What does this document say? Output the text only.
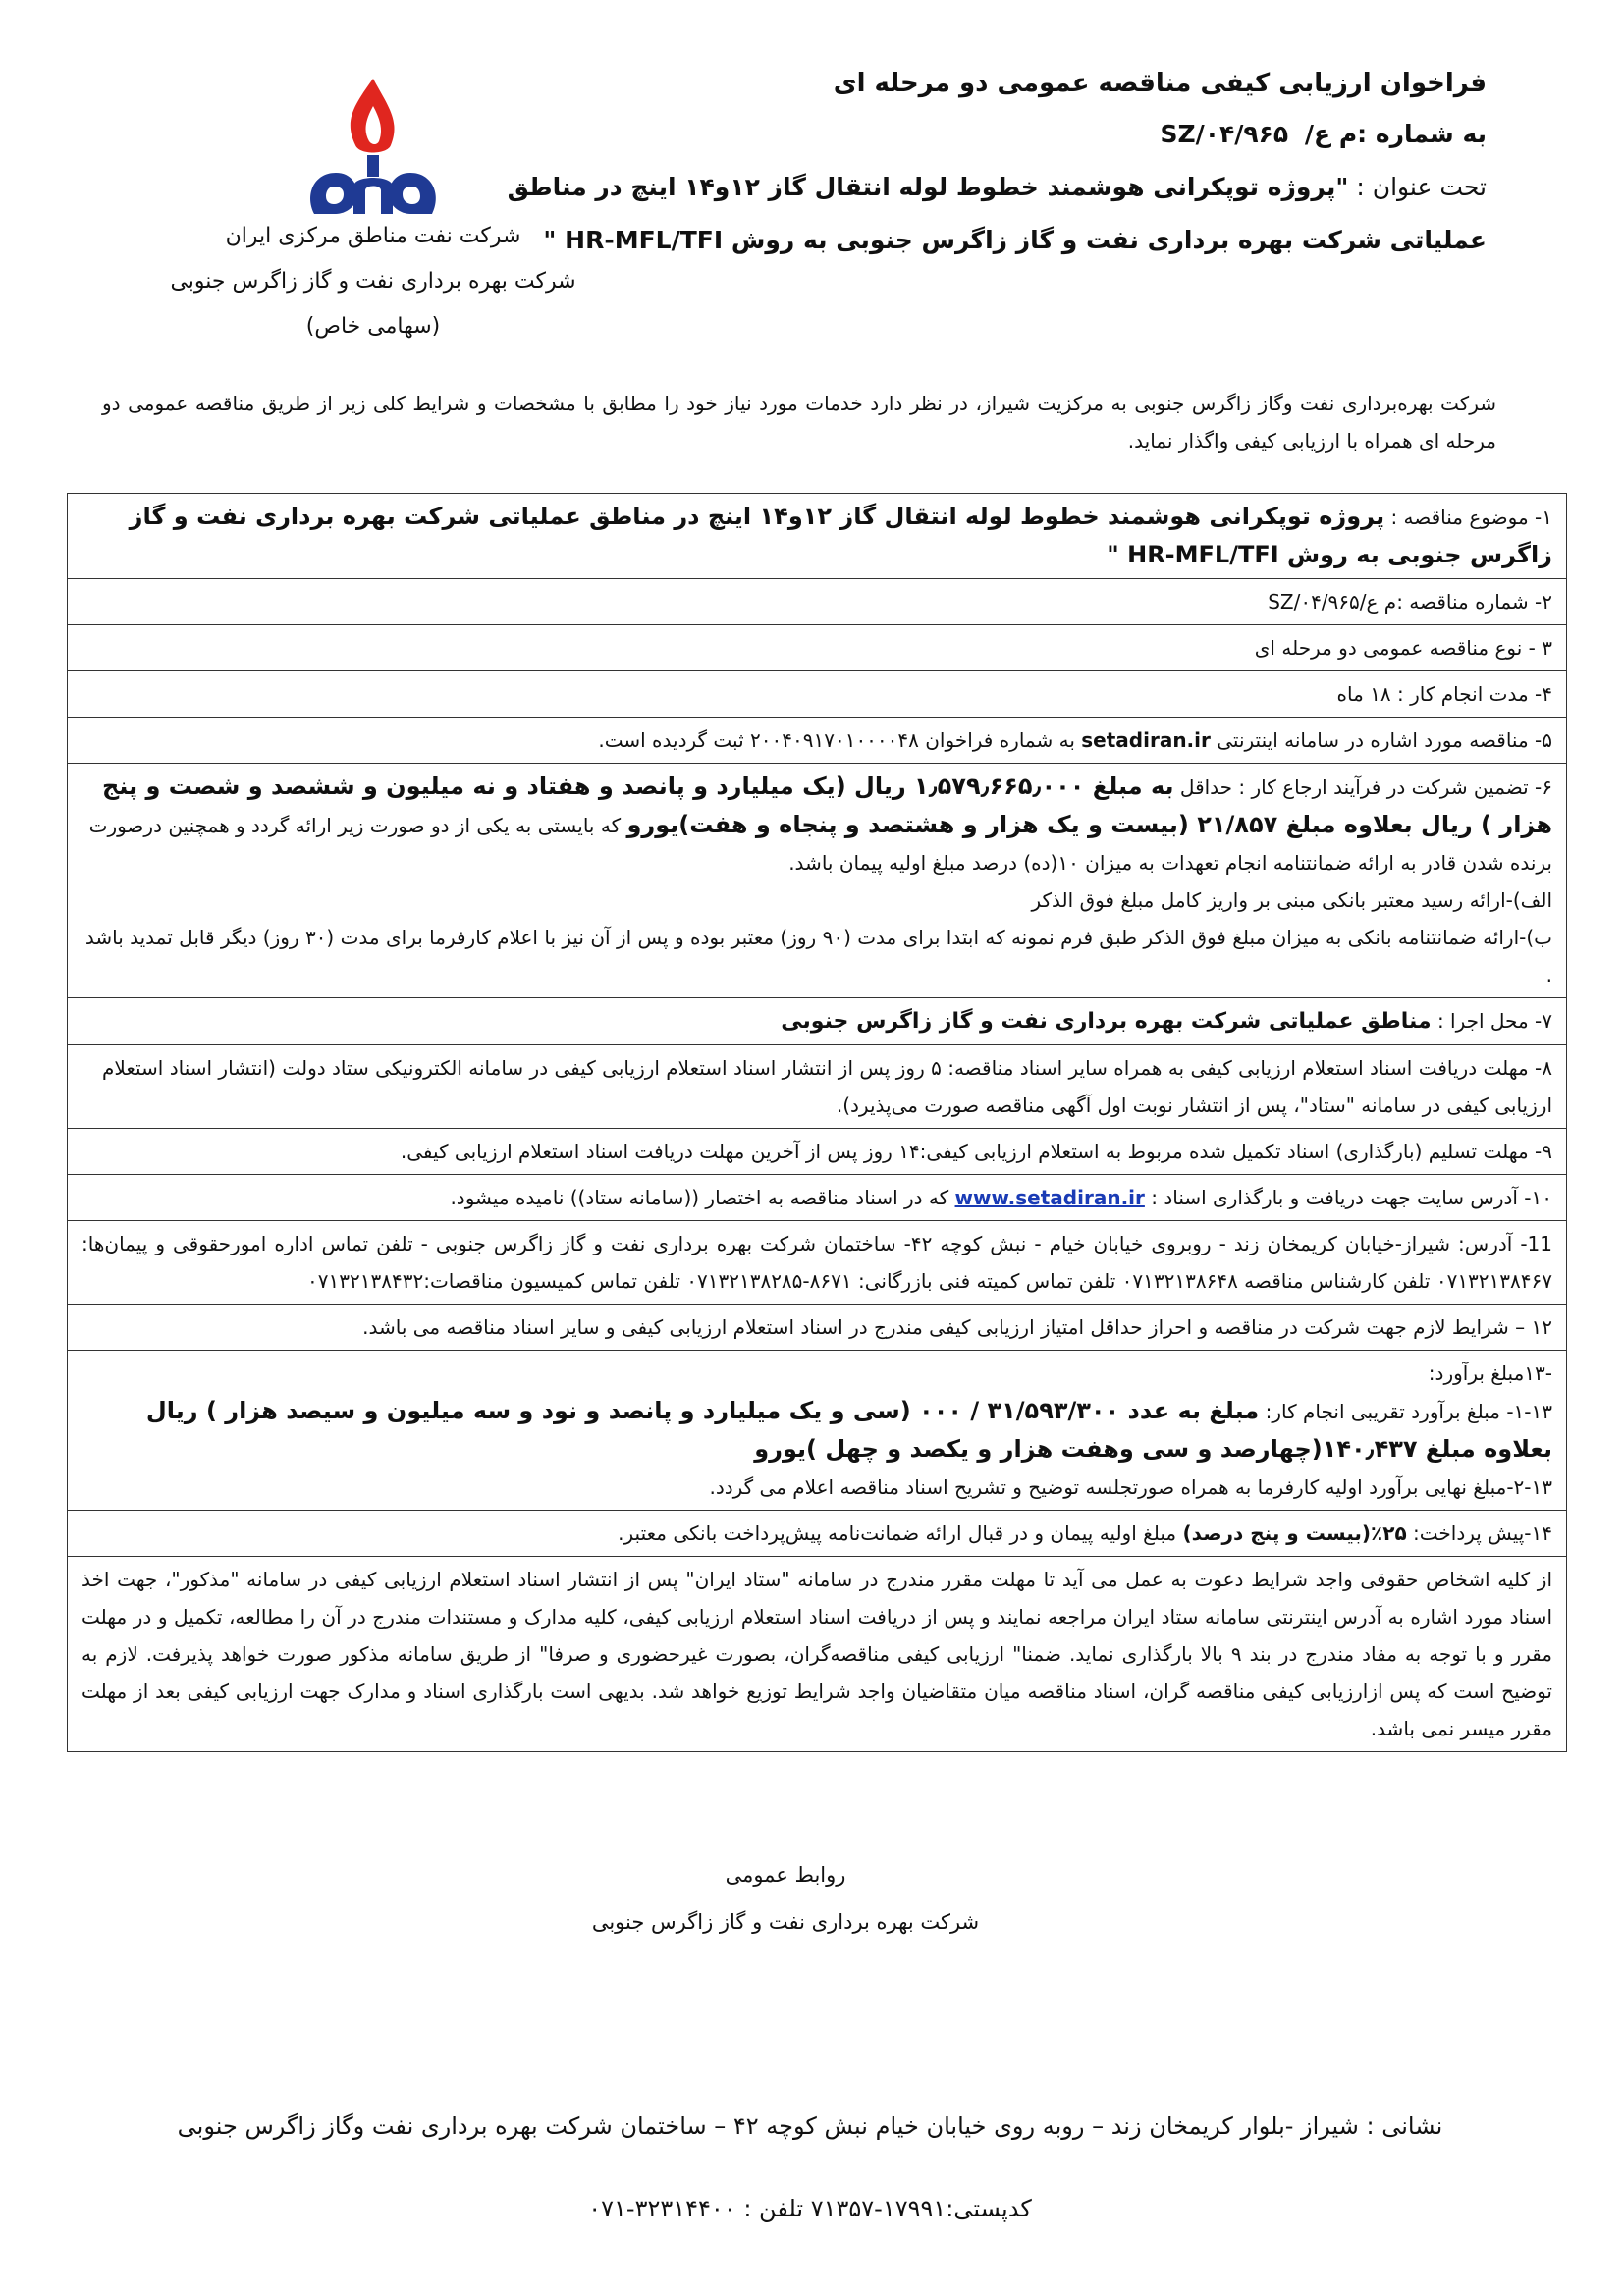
شرکت نفت مناطق مرکزی ایران
شرکت بهره برداری نفت و گاز زاگرس جنوبی
(سهامی خاص)
فراخوان ارزیابی کیفی مناقصه عمومی دو مرحله ای
به شماره :م ع/ SZ/۰۴/۹۶۵
تحت عنوان : "پروژه توپکرانی هوشمند خطوط لوله انتقال گاز ۱۲و۱۴ اینچ در مناطق
عملیاتی شرکت بهره برداری نفت و گاز زاگرس جنوبی به روش HR-MFL/TFI "
شرکت بهره‌برداری نفت وگاز زاگرس جنوبی به مرکزیت شیراز، در نظر دارد خدمات مورد نیاز خود را مطابق با مشخصات و شرایط کلی زیر از طریق مناقصه عمومی دو مرحله ای همراه با ارزیابی کیفی واگذار نماید.
۱- موضوع مناقصه : پروژه توپکرانی هوشمند خطوط لوله انتقال گاز ۱۲و۱۴ اینچ در مناطق عملیاتی شرکت بهره برداری نفت و گاز زاگرس جنوبی به روش HR-MFL/TFI "
۲- شماره مناقصه :م ع/SZ/۰۴/۹۶۵
۳ - نوع مناقصه عمومی دو مرحله ای
۴- مدت انجام کار : ۱۸ ماه
۵- مناقصه مورد اشاره در سامانه اینترنتی setadiran.ir به شماره فراخوان ۲۰۰۴۰۹۱۷۰۱۰۰۰۰۴۸ ثبت گردیده است.
۶- تضمین شرکت در فرآیند ارجاع کار : حداقل به مبلغ ۱٫۵۷۹٫۶۶۵٫۰۰۰ ریال (یک میلیارد و پانصد و هفتاد و نه میلیون و ششصد و شصت و پنج هزار ) ریال بعلاوه مبلغ ۲۱/۸۵۷ (بیست و یک هزار و هشتصد و پنجاه و هفت)یورو که بایستی به یکی از دو صورت زیر ارائه گردد و همچنین درصورت برنده شدن قادر به ارائه ضمانتنامه انجام تعهدات به میزان ۱۰(ده) درصد مبلغ اولیه پیمان باشد.
الف)-ارائه رسید معتبر بانکی مبنی بر واریز کامل مبلغ فوق الذکر
ب)-ارائه ضمانتنامه بانکی به میزان مبلغ فوق الذکر طبق فرم نمونه که ابتدا برای مدت (۹۰ روز) معتبر بوده و پس از آن نیز با اعلام کارفرما برای مدت (۳۰ روز) دیگر قابل تمدید باشد .

۷- محل اجرا : مناطق عملیاتی شرکت بهره برداری نفت و گاز زاگرس جنوبی
۸- مهلت دریافت اسناد استعلام ارزیابی کیفی به همراه سایر اسناد مناقصه: ۵ روز پس از انتشار اسناد استعلام ارزیابی کیفی در سامانه الکترونیکی ستاد دولت (انتشار اسناد استعلام ارزیابی کیفی در سامانه "ستاد"، پس از انتشار نوبت اول آگهی مناقصه صورت می‌پذیرد).
۹- مهلت تسلیم (بارگذاری) اسناد تکمیل شده مربوط به استعلام ارزیابی کیفی:۱۴ روز پس از آخرین مهلت دریافت اسناد استعلام ارزیابی کیفی.
۱۰- آدرس سایت جهت دریافت و بارگذاری اسناد : www.setadiran.ir که در اسناد مناقصه به اختصار ((سامانه ستاد)) نامیده میشود.
11- آدرس: شیراز-خیابان کریمخان زند - روبروی خیابان خیام - نبش کوچه ۴۲- ساختمان شرکت بهره برداری نفت و گاز زاگرس جنوبی - تلفن تماس اداره امورحقوقی و پیمان‌ها: ۰۷۱۳۲۱۳۸۴۶۷ تلفن کارشناس مناقصه ۰۷۱۳۲۱۳۸۶۴۸ تلفن تماس کمیته فنی بازرگانی: ۸۶۷۱-۰۷۱۳۲۱۳۸۲۸۵ تلفن تماس کمیسیون مناقصات:۰۷۱۳۲۱۳۸۴۳۲
۱۲ – شرایط لازم جهت شرکت در مناقصه و احراز حداقل امتیاز ارزیابی کیفی مندرج در اسناد استعلام ارزیابی کیفی و سایر اسناد مناقصه می باشد.

-۱۳مبلغ برآورد:
۱-۱۳- مبلغ برآورد تقریبی انجام کار: مبلغ به عدد ۳۱/۵۹۳/۳۰۰ / ۰۰۰ (سی و یک میلیارد و پانصد و نود و سه میلیون و سیصد هزار ) ریال بعلاوه مبلغ ۱۴۰٫۴۳۷(چهارصد و سی وهفت هزار و یکصد و چهل )یورو
۲-۱۳-مبلغ نهایی برآورد اولیه کارفرما به همراه صورتجلسه توضیح و تشریح اسناد مناقصه اعلام می گردد.

۱۴-پیش پرداخت: ۲۵٪(بیست و پنج درصد) مبلغ اولیه پیمان و در قبال ارائه ضمانت‌نامه پیش‌پرداخت بانکی معتبر.
از کلیه اشخاص حقوقی واجد شرایط دعوت به عمل می آید تا مهلت مقرر مندرج در سامانه "ستاد ایران" پس از انتشار اسناد استعلام ارزیابی کیفی در سامانه "مذکور"، جهت اخذ اسناد مورد اشاره به آدرس اینترنتی سامانه ستاد ایران مراجعه نمایند و پس از دریافت اسناد استعلام ارزیابی کیفی، کلیه مدارک و مستندات مندرج در آن را مطالعه، تکمیل و در مهلت مقرر و با توجه به مفاد مندرج در بند ۹ بالا بارگذاری نماید. ضمنا" ارزیابی کیفی مناقصه‌گران، بصورت غیرحضوری و صرفا" از طریق سامانه مذکور صورت خواهد پذیرفت. لازم به توضیح است که پس ازارزیابی کیفی مناقصه گران، اسناد مناقصه میان متقاضیان واجد شرایط توزیع خواهد شد. بدیهی است بارگذاری اسناد و مدارک جهت ارزیابی کیفی بعد از مهلت مقرر میسر نمی باشد.
روابط عمومی
شرکت بهره برداری نفت و گاز زاگرس جنوبی
نشانی : شیراز -بلوار کریمخان زند – روبه روی خیابان خیام نبش کوچه ۴۲ – ساختمان شرکت بهره برداری نفت وگاز زاگرس جنوبی
کدپستی:۱۷۹۹۱-۷۱۳۵۷ تلفن : ۳۲۳۱۴۴۰۰-۰۷۱
